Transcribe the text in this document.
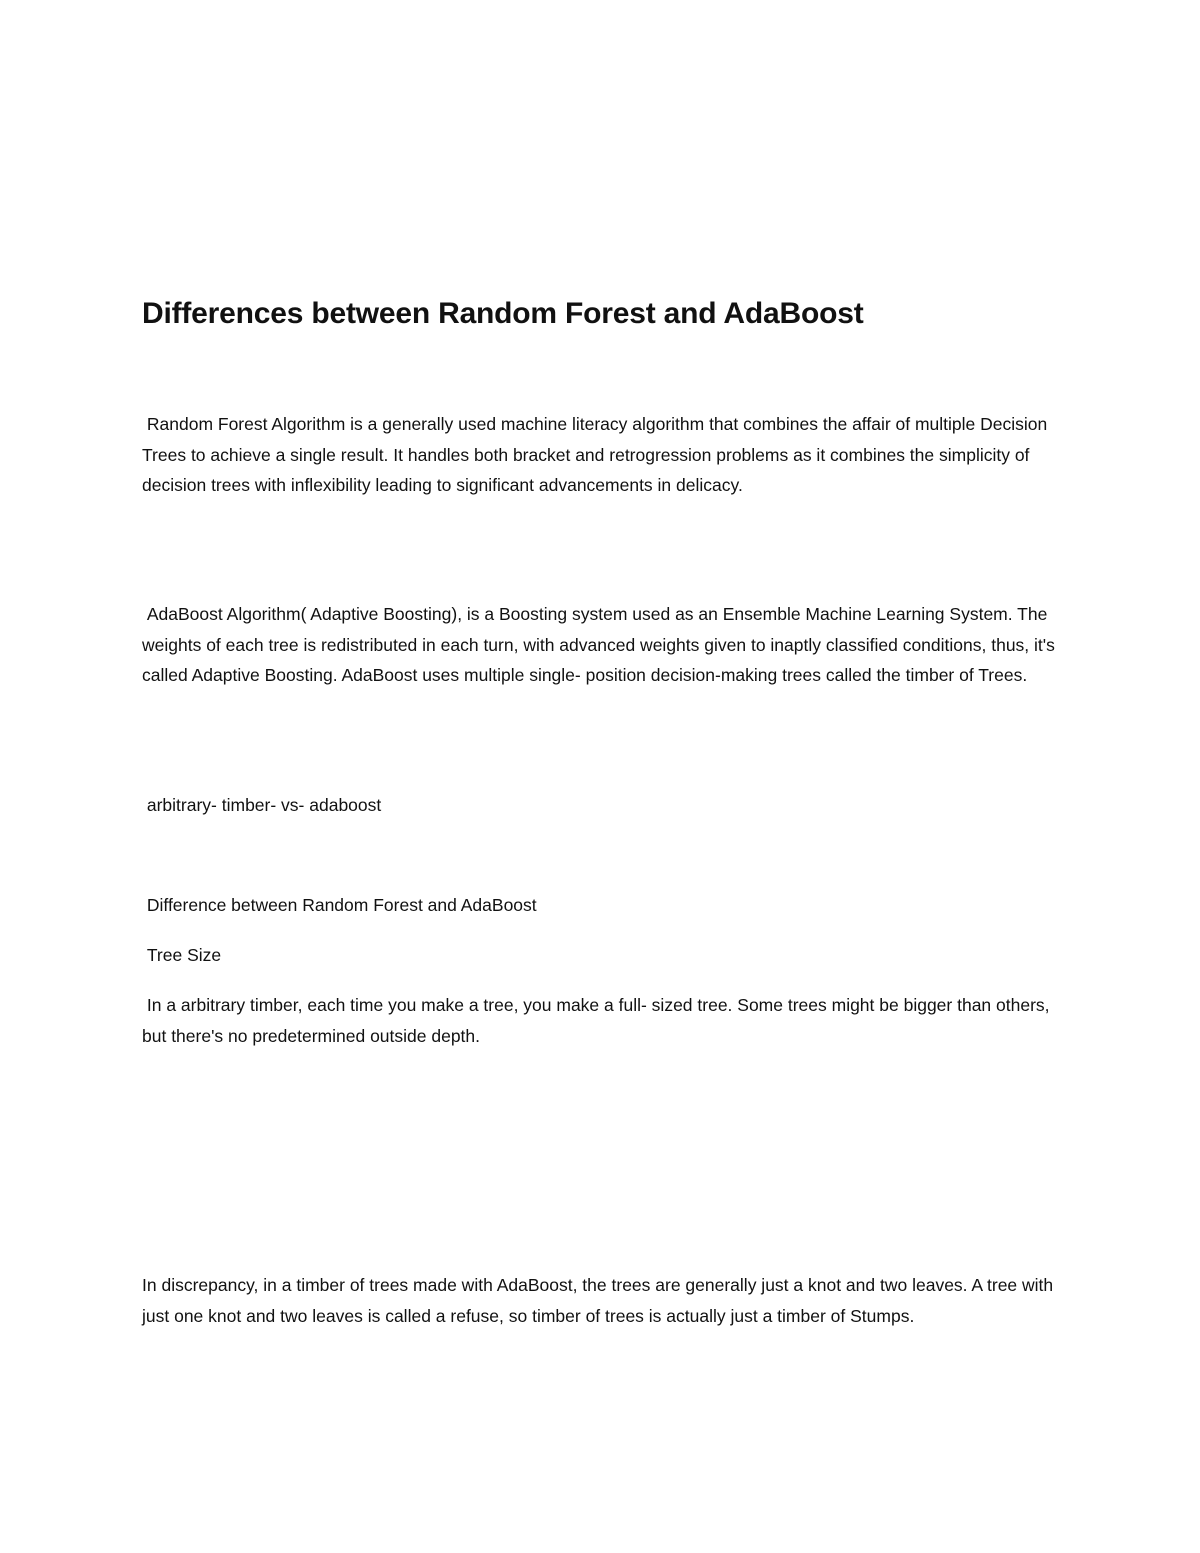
Differences between Random Forest and AdaBoost

Random Forest Algorithm is a generally used machine literacy algorithm that combines the affair of multiple Decision Trees to achieve a single result. It handles both bracket and retrogression problems as it combines the simplicity of decision trees with inflexibility leading to significant advancements in delicacy.

AdaBoost Algorithm( Adaptive Boosting), is a Boosting system used as an Ensemble Machine Learning System. The weights of each tree is redistributed in each turn, with advanced weights given to inaptly classified conditions, thus, it's called Adaptive Boosting. AdaBoost uses multiple single- position decision-making trees called the timber of Trees.

arbitrary- timber- vs- adaboost

Difference between Random Forest and AdaBoost

Tree Size

In a arbitrary timber, each time you make a tree, you make a full- sized tree. Some trees might be bigger than others, but there's no predetermined outside depth.

In discrepancy, in a timber of trees made with AdaBoost, the trees are generally just a knot and two leaves. A tree with just one knot and two leaves is called a refuse, so timber of trees is actually just a timber of Stumps.
